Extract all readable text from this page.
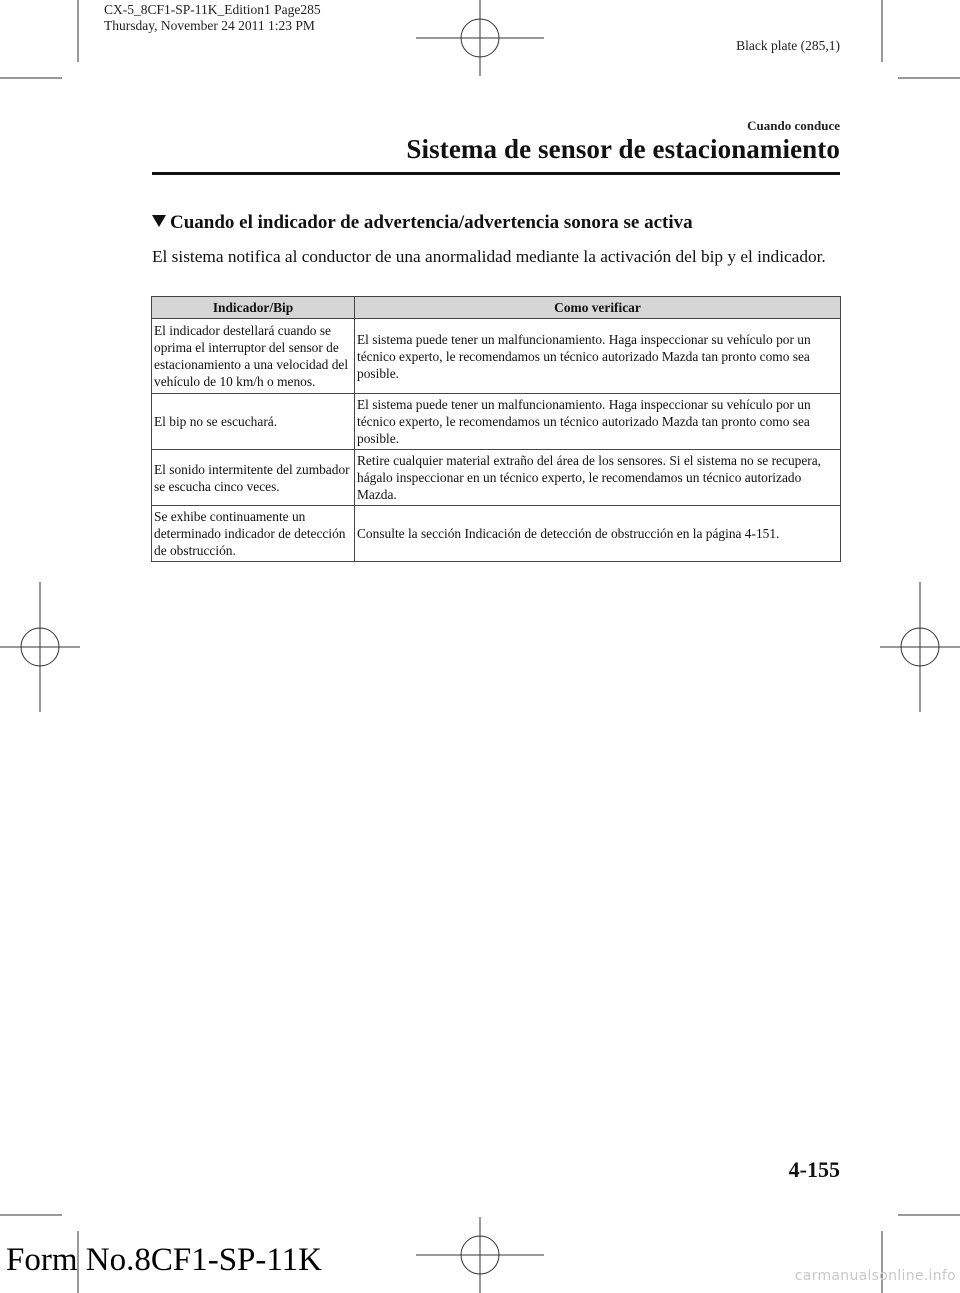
CX-5_8CF1-SP-11K_Edition1 Page285
Thursday, November 24 2011 1:23 PM
Black plate (285,1)
Cuando conduce
Sistema de sensor de estacionamiento
Cuando el indicador de advertencia/advertencia sonora se activa
El sistema notifica al conductor de una anormalidad mediante la activación del bip y el indicador.
Indicador/Bip	Como verificar
El indicador destellará cuando se oprima el interruptor del sensor de estacionamiento a una velocidad del vehículo de 10 km/h o menos.	El sistema puede tener un malfuncionamiento. Haga inspeccionar su vehículo por un técnico experto, le recomendamos un técnico autorizado Mazda tan pronto como sea posible.
El bip no se escuchará.	El sistema puede tener un malfuncionamiento. Haga inspeccionar su vehículo por un técnico experto, le recomendamos un técnico autorizado Mazda tan pronto como sea posible.
El sonido intermitente del zumbador se escucha cinco veces.	Retire cualquier material extraño del área de los sensores. Si el sistema no se recupera, hágalo inspeccionar en un técnico experto, le recomendamos un técnico autorizado Mazda.
Se exhibe continuamente un determinado indicador de detección de obstrucción.	Consulte la sección Indicación de detección de obstrucción en la página 4-151.
4-155
Form No.8CF1-SP-11K	carmanualsonline.info
